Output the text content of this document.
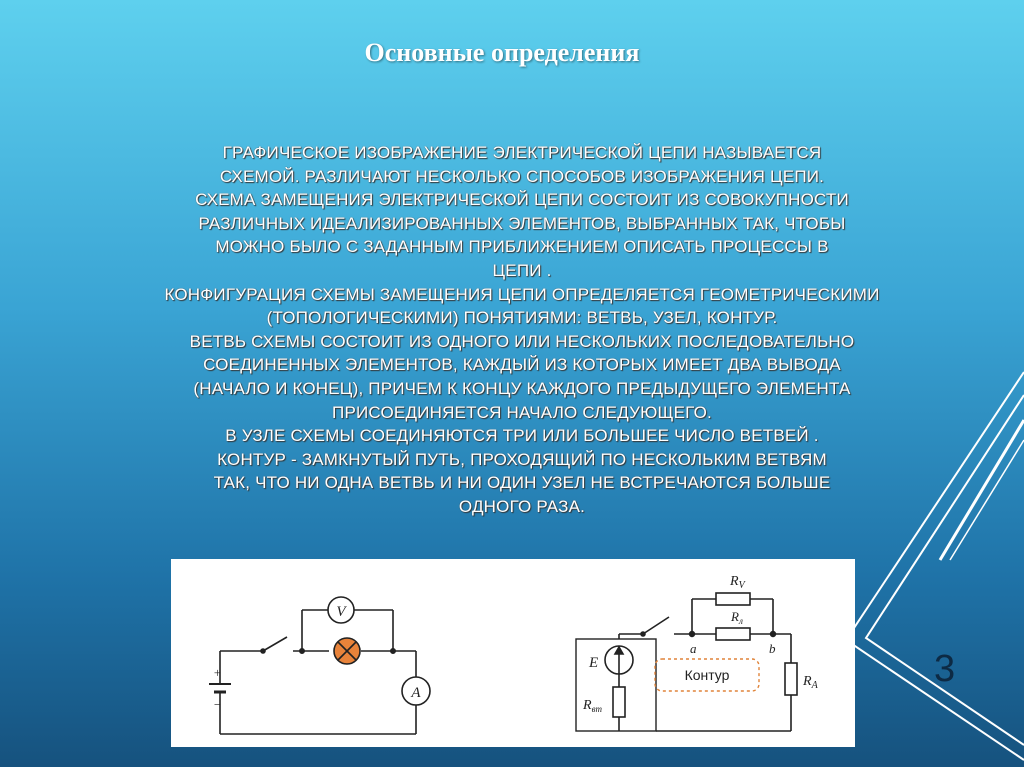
Основные определения
ГРАФИЧЕСКОЕ ИЗОБРАЖЕНИЕ ЭЛЕКТРИЧЕСКОЙ ЦЕПИ НАЗЫВАЕТСЯ
СХЕМОЙ. РАЗЛИЧАЮТ НЕСКОЛЬКО СПОСОБОВ ИЗОБРАЖЕНИЯ ЦЕПИ.
СХЕМА ЗАМЕЩЕНИЯ ЭЛЕКТРИЧЕСКОЙ ЦЕПИ СОСТОИТ ИЗ СОВОКУПНОСТИ
РАЗЛИЧНЫХ ИДЕАЛИЗИРОВАННЫХ ЭЛЕМЕНТОВ, ВЫБРАННЫХ ТАК, ЧТОБЫ
МОЖНО БЫЛО С ЗАДАННЫМ ПРИБЛИЖЕНИЕМ ОПИСАТЬ ПРОЦЕССЫ В
ЦЕПИ .
КОНФИГУРАЦИЯ СХЕМЫ ЗАМЕЩЕНИЯ ЦЕПИ ОПРЕДЕЛЯЕТСЯ ГЕОМЕТРИЧЕСКИМИ
(ТОПОЛОГИЧЕСКИМИ) ПОНЯТИЯМИ: ВЕТВЬ, УЗЕЛ, КОНТУР.
ВЕТВЬ СХЕМЫ СОСТОИТ ИЗ ОДНОГО ИЛИ НЕСКОЛЬКИХ ПОСЛЕДОВАТЕЛЬНО
СОЕДИНЕННЫХ ЭЛЕМЕНТОВ, КАЖДЫЙ ИЗ КОТОРЫХ ИМЕЕТ ДВА ВЫВОДА
(НАЧАЛО И КОНЕЦ), ПРИЧЕМ К КОНЦУ КАЖДОГО ПРЕДЫДУЩЕГО ЭЛЕМЕНТА
ПРИСОЕДИНЯЕТСЯ НАЧАЛО СЛЕДУЮЩЕГО.
В УЗЛЕ СХЕМЫ СОЕДИНЯЮТСЯ ТРИ ИЛИ БОЛЬШЕЕ ЧИСЛО ВЕТВЕЙ .
КОНТУР - ЗАМКНУТЫЙ ПУТЬ, ПРОХОДЯЩИЙ ПО НЕСКОЛЬКИМ ВЕТВЯМ
ТАК, ЧТО НИ ОДНА ВЕТВЬ И НИ ОДИН УЗЕЛ НЕ ВСТРЕЧАЮТСЯ БОЛЬШЕ
ОДНОГО РАЗА.
V
A
+
−
$R_V$
$R_л$
a	b
$R_A$
E
$R_{вт}$
Контур	3
